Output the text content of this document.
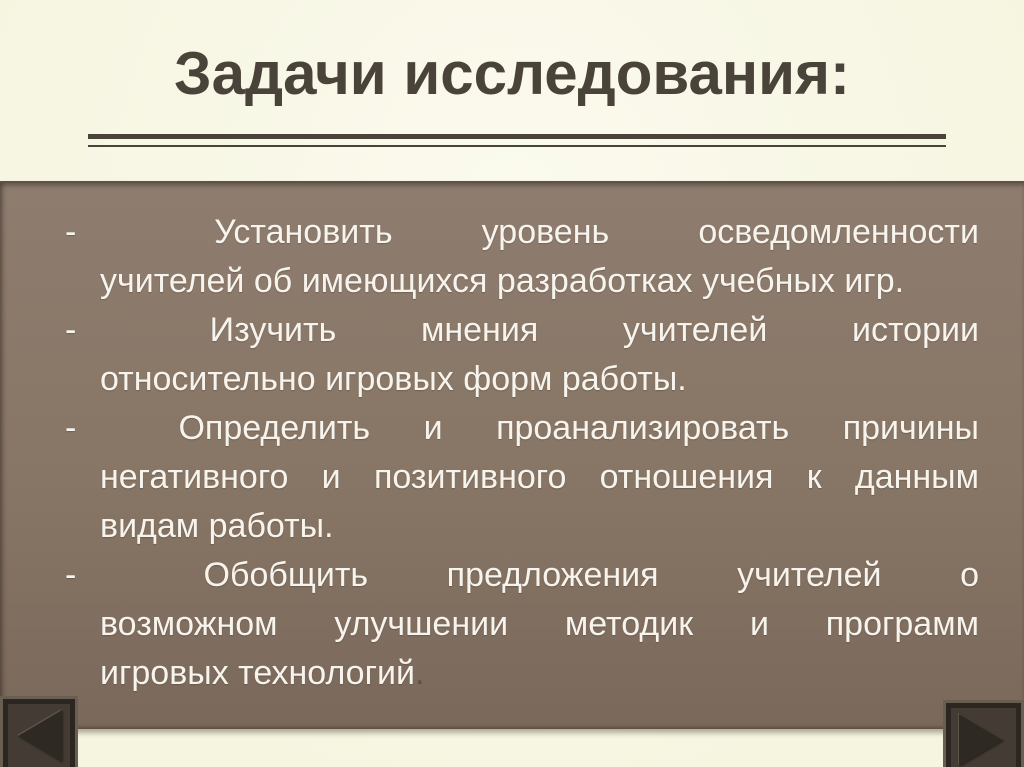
Задачи исследования:
-	Установить	уровень	осведомленности
учителей об имеющихся разработках учебных игр.
-	Изучить мнения учителей истории
относительно игровых форм работы.
-	Определить и проанализировать причины
негативного и позитивного отношения к данным
видам работы.
-	Обобщить предложения учителей о
возможном улучшении методик и программ
игровых технологий.
